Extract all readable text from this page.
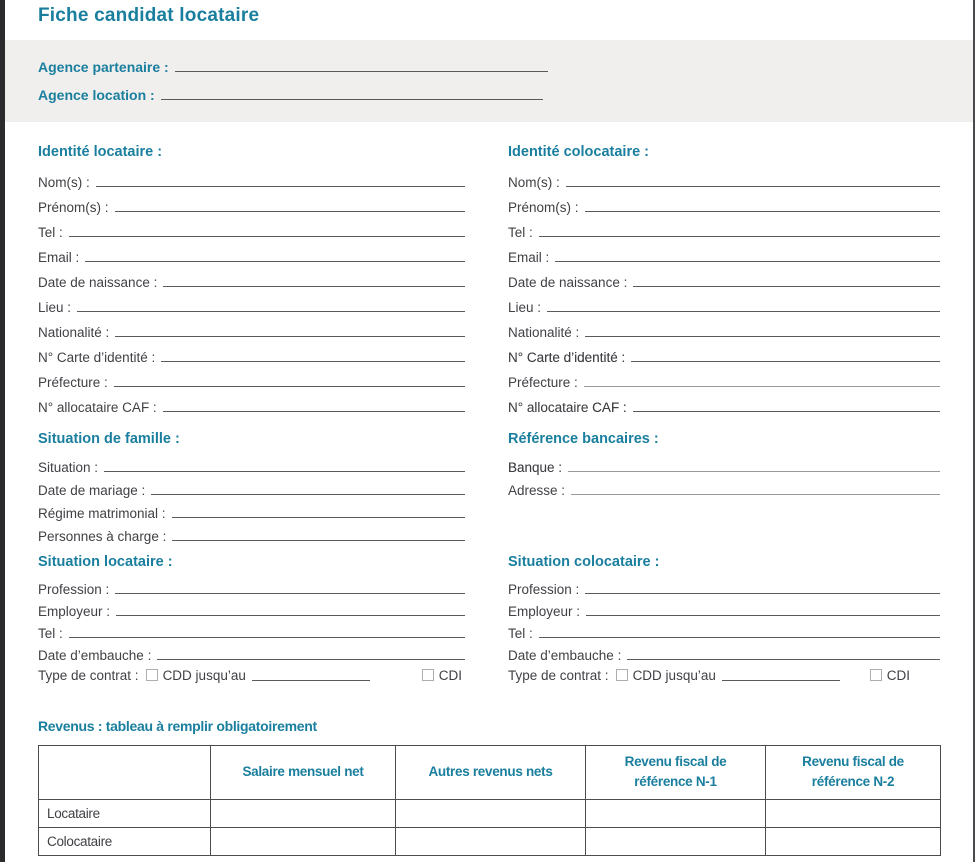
Fiche candidat locataire
Agence partenaire :
Agence location :
Identité locataire :
Nom(s) :
Prénom(s) :
Tel :
Email :
Date de naissance :
Lieu :
Nationalité :
N° Carte d’identité :
Préfecture :
N° allocataire CAF :
Identité colocataire :
Nom(s) :
Prénom(s) :
Tel :
Email :
Date de naissance :
Lieu :
Nationalité :
N° Carte d’identité :
Préfecture :
N° allocataire CAF :
Situation de famille :
Situation :
Date de mariage :
Régime matrimonial :
Personnes à charge :
Référence bancaires :
Banque :
Adresse :
Situation locataire :
Profession :
Employeur :
Tel :
Date d’embauche :
Type de contrat : CDD jusqu’au	CDI
Situation colocataire :
Profession :
Employeur :
Tel :
Date d’embauche :
Type de contrat : CDD jusqu’au	CDI
Revenus : tableau à remplir obligatoirement
	Salaire mensuel net	Autres revenus nets	Revenu fiscal de référence N-1	Revenu fiscal de référence N-2
Locataire				
Colocataire				
